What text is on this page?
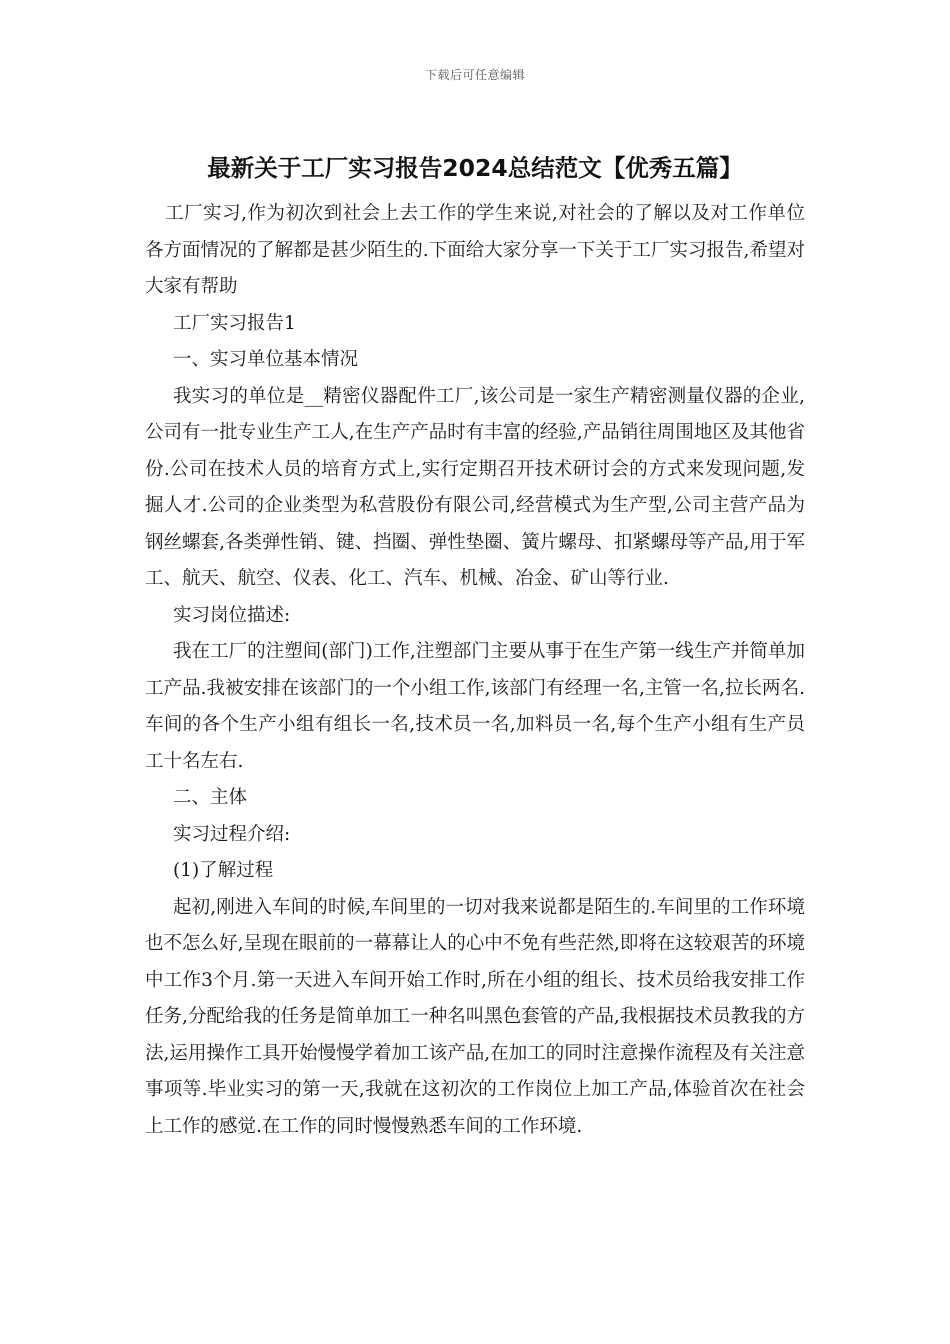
下载后可任意编辑
最新关于工厂实习报告2024总结范文【优秀五篇】

工厂实习,作为初次到社会上去工作的学生来说,对社会的了解以及对工作单位各方面情况的了解都是甚少陌生的.下面给大家分享一下关于工厂实习报告,希望对大家有帮助

工厂实习报告1

一、实习单位基本情况

我实习的单位是__精密仪器配件工厂,该公司是一家生产精密测量仪器的企业,公司有一批专业生产工人,在生产产品时有丰富的经验,产品销往周围地区及其他省份.公司在技术人员的培育方式上,实行定期召开技术研讨会的方式来发现问题,发掘人才.公司的企业类型为私营股份有限公司,经营模式为生产型,公司主营产品为钢丝螺套,各类弹性销、键、挡圈、弹性垫圈、簧片螺母、扣紧螺母等产品,用于军工、航天、航空、仪表、化工、汽车、机械、冶金、矿山等行业.

实习岗位描述:

我在工厂的注塑间(部门)工作,注塑部门主要从事于在生产第一线生产并简单加工产品.我被安排在该部门的一个小组工作,该部门有经理一名,主管一名,拉长两名.车间的各个生产小组有组长一名,技术员一名,加料员一名,每个生产小组有生产员工十名左右.

二、主体

实习过程介绍:

(1)了解过程

起初,刚进入车间的时候,车间里的一切对我来说都是陌生的.车间里的工作环境也不怎么好,呈现在眼前的一幕幕让人的心中不免有些茫然,即将在这较艰苦的环境中工作3个月.第一天进入车间开始工作时,所在小组的组长、技术员给我安排工作任务,分配给我的任务是简单加工一种名叫黑色套管的产品,我根据技术员教我的方法,运用操作工具开始慢慢学着加工该产品,在加工的同时注意操作流程及有关注意事项等.毕业实习的第一天,我就在这初次的工作岗位上加工产品,体验首次在社会上工作的感觉.在工作的同时慢慢熟悉车间的工作环境.
